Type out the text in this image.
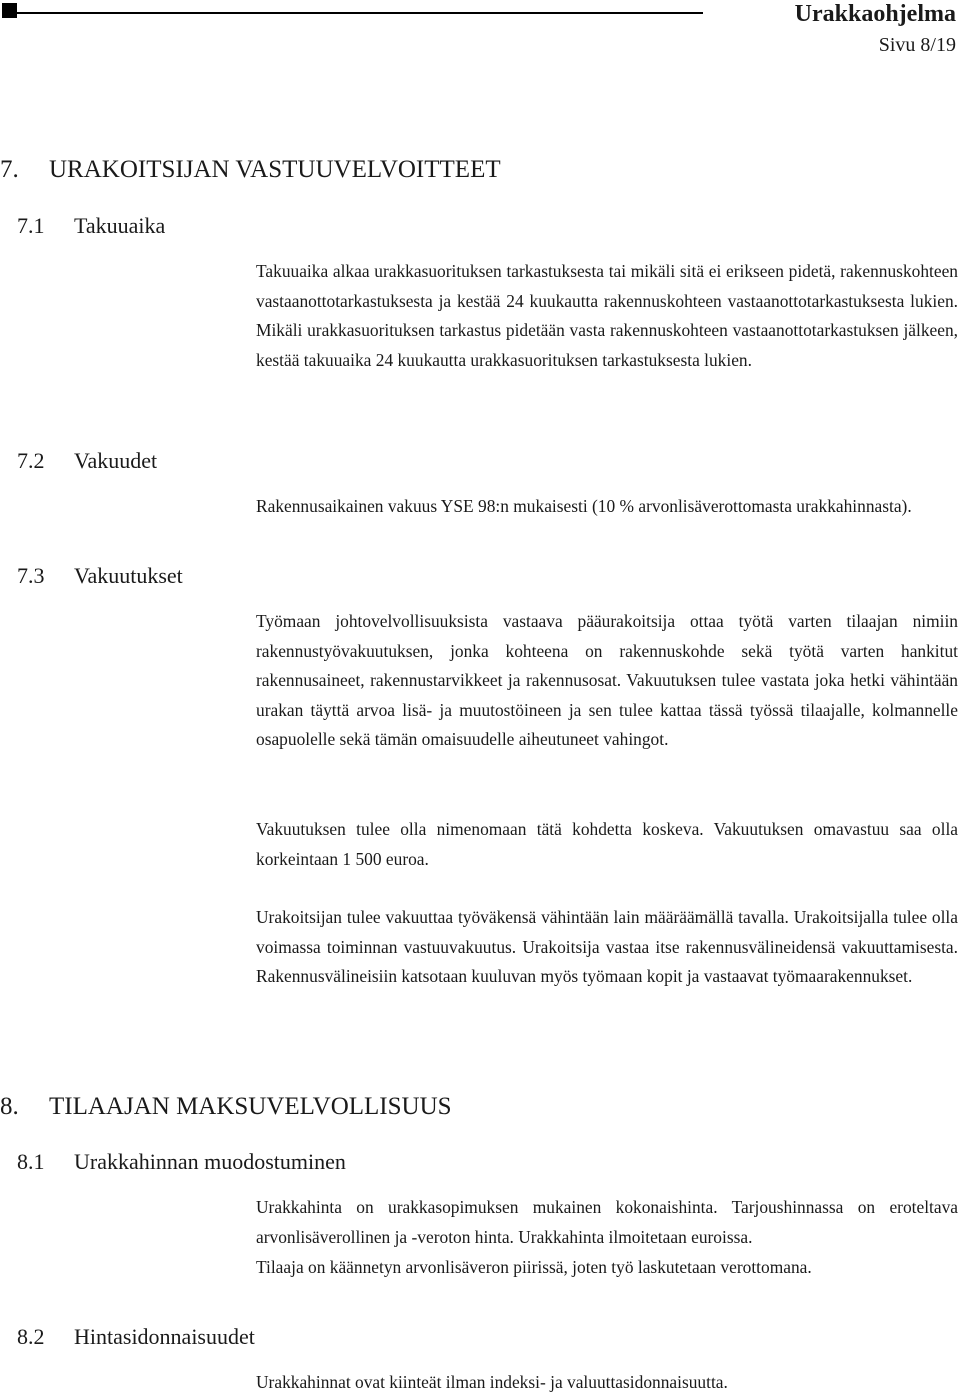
Urakkaohjelma
Sivu 8/19
7. URAKOITSIJAN VASTUUVELVOITTEET
7.1 Takuuaika
Takuuaika alkaa urakkasuorituksen tarkastuksesta tai mikäli sitä ei erikseen pidetä, rakennuskohteen vastaanottotarkastuksesta ja kestää 24 kuukautta rakennuskohteen vastaanottotarkastuksesta lukien. Mikäli urakkasuorituksen tarkastus pidetään vasta rakennuskohteen vastaanottotarkastuksen jälkeen, kestää takuuaika 24 kuukautta urakkasuorituksen tarkastuksesta lukien.
7.2 Vakuudet
Rakennusaikainen vakuus YSE 98:n mukaisesti (10 % arvonlisäverottomasta urakkahinnasta).
7.3 Vakuutukset
Työmaan johtovelvollisuuksista vastaava pääurakoitsija ottaa työtä varten tilaajan nimiin rakennustyövakuutuksen, jonka kohteena on rakennuskohde sekä työtä varten hankitut rakennusaineet, rakennustarvikkeet ja rakennusosat. Vakuutuksen tulee vastata joka hetki vähintään urakan täyttä arvoa lisä- ja muutostöineen ja sen tulee kattaa tässä työssä tilaajalle, kolmannelle osapuolelle sekä tämän omaisuudelle aiheutuneet vahingot.
Vakuutuksen tulee olla nimenomaan tätä kohdetta koskeva. Vakuutuksen omavastuu saa olla korkeintaan 1 500 euroa.
Urakoitsijan tulee vakuuttaa työväkensä vähintään lain määräämällä tavalla. Urakoitsijalla tulee olla voimassa toiminnan vastuuvakuutus. Urakoitsija vastaa itse rakennusvälineidensä vakuuttamisesta. Rakennusvälineisiin katsotaan kuuluvan myös työmaan kopit ja vastaavat työmaarakennukset.
8. TILAAJAN MAKSUVELVOLLISUUS
8.1 Urakkahinnan muodostuminen
Urakkahinta on urakkasopimuksen mukainen kokonaishinta. Tarjoushinnassa on eroteltava arvonlisäverollinen ja -veroton hinta. Urakkahinta ilmoitetaan euroissa.
Tilaaja on käännetyn arvonlisäveron piirissä, joten työ laskutetaan verottomana.
8.2 Hintasidonnaisuudet
Urakkahinnat ovat kiinteät ilman indeksi- ja valuuttasidonnaisuutta.
